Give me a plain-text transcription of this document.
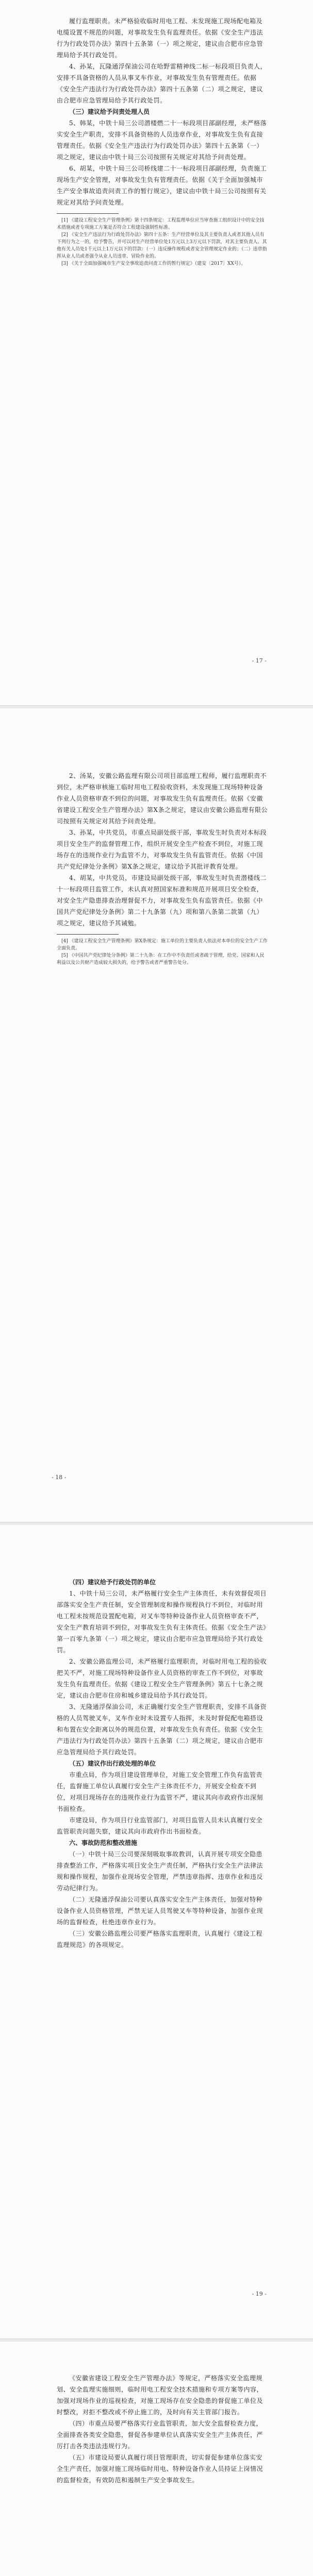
履行监理职责。未严格验收临时用电工程、未发现施工现场配电箱及电缆设置不规范的问题，对事故发生负有监理责任。依据《安全生产违法行为行政处罚办法》第四十五条第（一）项之规定，建议由合肥市应急管理局给予其行政处罚。

4、孙某，瓦隆通浮保油公司在哈野雷精神线二标一标段项目负责人，安排不具备资格的人员从事叉车作业，对事故发生负有管理责任。依据《安全生产违法行为行政处罚办法》第四十五条第（二）项之规定，建议由合肥市应急管理局给予其行政处罚。

（三）建议给予问责处理人员

5、韩某，中铁十局三公司潜楼燃二十一标段项目部副经理，未严格落实安全生产职责，安排不具备资格的人员违章作业，对事故发生负有直接管理责任。依据《安全生产违法行为行政处罚办法》第四十五条第（一）项之规定，建议由中铁十局三公司按照有关规定对其给予问责处理。

6、胡某，中铁十局三公司桥线建二十一标段项目部副经理，负责施工现场生产安全管理，对事故发生负有管理责任。依据《关于全面加强城市生产安全事故追责问责工作的暂行规定》，建议由中铁十局三公司按照有关规定对其给予问责处理。

[1] 《建设工程安全生产管理条例》第十四条规定：工程监理单位应当审查施工组织设计中的安全技术措施或者专项施工方案是否符合工程建设强制性标准。

[2] 《安全生产违法行为行政处罚办法》第四十五条：生产经营单位及其主要负责人或者其他人员有下列行为之一的，给予警告，并可以对生产经营单位处1万元以上3万元以下罚款，对其主要负责人、其他有关人员处1千元以上1万元以下的罚款：（一）违反操作规程或者安全管理规定作业的；（二）违章指挥从业人员或者强令从业人员违章、冒险作业的。

[3] 《关于全面加强城市生产安全事故追责问责工作的暂行规定》（建安〔2017〕XX号）。

- 17 -

2、汤某，安徽公路监理有限公司项目部监理工程师，履行监理职责不到位，未严格审核施工临时用电工程验收资料，未发现施工现场特种设备作业人员资格审查不到位的问题，对事故发生负有监理责任。依据《安徽省建设工程安全生产管理办法》第X条之规定，建议由安徽公路监理有限公司按照有关规定对其给予问责处理。

3、孙某，中共党员，市重点局副处级干部，事故发生时负责对本标段项目安全生产的监督管理工作，组织开展安全生产检查不到位，对施工现场存在的违规作业行为监管不力，对事故发生负有监管责任。依据《中国共产党纪律处分条例》第X条之规定，建议给予其批评教育处理。

4、胡某，中共党员，市建设局副处级干部，事故发生时负责潜楼线二十一标段项目监管工作，未认真对照国家标准和规范开展项目安全检查，对安全生产隐患排查治理督促不力，对事故发生负有监管责任。依据《中国共产党纪律处分条例》第二十九条第（九）项和第八条第二款第（九）项之规定，建议给予其诫勉。

[4] 《建设工程安全生产管理条例》第X条规定：施工单位的主要负责人依法对本单位的安全生产工作全面负责。

[5] 《中国共产党纪律处分条例》第二十九条：在工作中不负责任或者疏于管理，给党、国家和人民利益以及公共财产造成较大损失的，给予警告或者严重警告处分。

- 18 -

（四）建议给予行政处罚的单位

1、中铁十局三公司，未严格履行安全生产主体责任，未有效督促项目部落实安全生产责任制，安全管理制度和操作规程执行不到位，对临时用电工程未按规范设置配电箱，对叉车等特种设备作业人员资格审查不严，安全生产教育培训不到位，对事故发生负有主体责任。依据《安全生产法》第一百零九条第（一）项之规定，建议由合肥市应急管理局给予其行政处罚。

2、安徽公路监理公司，未严格履行监理职责，对临时用电工程的验收把关不严，对施工现场特种设备作业人员资格的审查工作不到位，对事故发生负有监理责任。依据《建设工程安全生产管理条例》第五十七条之规定，建议由合肥市住房和城乡建设局给予其行政处罚。

3、无隆通浮保油公司，未正确履行安全生产管理职责，安排不具备资格的人员驾驶叉车，叉车作业时未设置专人指挥，未及时督促配电箱搭设和布置在安全距离以外的规范位置，对事故发生负有责任。依据《安全生产违法行为行政处罚办法》第四十五条第（二）项之规定，建议由合肥市应急管理局给予其行政处罚。

（五）建议作出行政处理的单位

市重点局，作为项目建设管理单位，对施工安全管理工作负有监管责任，监督施工单位认真履行安全生产主体责任不力，开展安全检查不到位，对项目现场存在的违规作业行为监管不严，建议其向市政府作出深刻书面检查。

市建设局，作为项目行业监管部门，对项目监管人员未认真履行安全监管职责问题失察，建议其向市政府作出书面检查。

六、事故防范和整改措施

（一）中铁十局三公司要深刻吸取事故教训，认真开展专项安全隐患排查整治工作，严格落实项目安全生产责任制，严格执行安全生产法律法规和操作规程，加强作业现场安全管理，严禁违章指挥、违章作业和违反劳动纪律行为。

（二）无隆通浮保油公司要认真落实安全生产主体责任，加强对特种设备作业人员资格管理，严禁无证人员驾驶叉车等特种设备，加强作业现场的监督检查，杜绝违章作业行为。

（三）安徽公路监理公司要严格落实监理职责，认真履行《建设工程监理规范》的各项规定。

- 19 -

《安徽省建设工程安全生产管理办法》等规定，严格落实安全监理规划、安全监理实施细则，临时用电工程安全技术措施和专项方案等内容，加强对现场作业的巡视检查，对施工现场存在安全隐患的督促施工单位及时整改，对拒不整改或不停止施工的，及时向有关主管部门报告。

（四）市重点局要严格落实行业监管职责，加大安全监督检查力度，全面排查各类安全隐患，督促各参建单位认真落实安全生产主体责任，严厉打击各类违法违规行为。

（五）市建设局要认真履行项目管理职责，切实督促参建单位落实安全生产责任，加强对施工现场临时用电、特种设备作业人员持证上岗情况的监督检查，有效防范和遏制生产安全事故发生。
